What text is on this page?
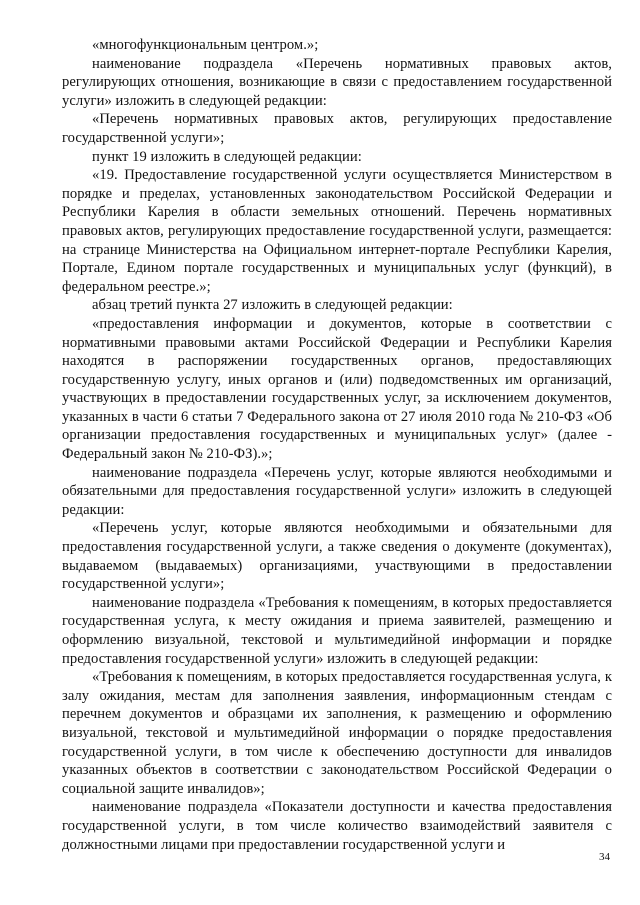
«многофункциональным центром.»;

наименование подраздела «Перечень нормативных правовых актов, регулирующих отношения, возникающие в связи с предоставлением государственной услуги» изложить в следующей редакции:

«Перечень нормативных правовых актов, регулирующих предоставление государственной услуги»;

пункт 19 изложить в следующей редакции:

«19. Предоставление государственной услуги осуществляется Министерством в порядке и пределах, установленных законодательством Российской Федерации и Республики Карелия в области земельных отношений. Перечень нормативных правовых актов, регулирующих предоставление государственной услуги, размещается: на странице Министерства на Официальном интернет-портале Республики Карелия, Портале, Едином портале государственных и муниципальных услуг (функций), в федеральном реестре.»;

абзац третий пункта 27 изложить в следующей редакции:

«предоставления информации и документов, которые в соответствии с нормативными правовыми актами Российской Федерации и Республики Карелия находятся в распоряжении государственных органов, предоставляющих государственную услугу, иных органов и (или) подведомственных им организаций, участвующих в предоставлении государственных услуг, за исключением документов, указанных в части 6 статьи 7 Федерального закона от 27 июля 2010 года № 210-ФЗ «Об организации предоставления государственных и муниципальных услуг» (далее - Федеральный закон № 210-ФЗ).»;

наименование подраздела «Перечень услуг, которые являются необходимыми и обязательными для предоставления государственной услуги» изложить в следующей редакции:

«Перечень услуг, которые являются необходимыми и обязательными для предоставления государственной услуги, а также сведения о документе (документах), выдаваемом (выдаваемых) организациями, участвующими в предоставлении государственной услуги»;

наименование подраздела «Требования к помещениям, в которых предоставляется государственная услуга, к месту ожидания и приема заявителей, размещению и оформлению визуальной, текстовой и мультимедийной информации и порядке предоставления государственной услуги» изложить в следующей редакции:

«Требования к помещениям, в которых предоставляется государственная услуга, к залу ожидания, местам для заполнения заявления, информационным стендам с перечнем документов и образцами их заполнения, к размещению и оформлению визуальной, текстовой и мультимедийной информации о порядке предоставления государственной услуги, в том числе к обеспечению доступности для инвалидов указанных объектов в соответствии с законодательством Российской Федерации о социальной защите инвалидов»;

наименование подраздела «Показатели доступности и качества предоставления государственной услуги, в том числе количество взаимодействий заявителя с должностными лицами при предоставлении государственной услуги и

34
